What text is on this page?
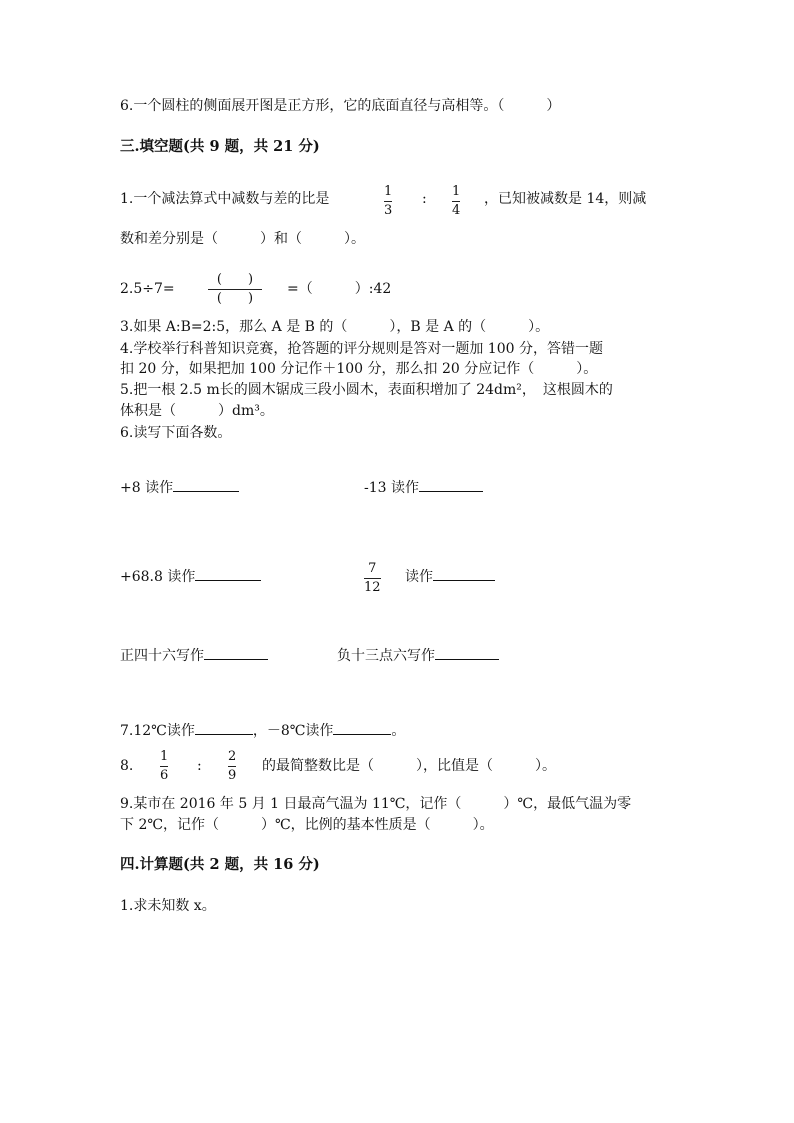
6.一个圆柱的侧面展开图是正方形，它的底面直径与高相等。（　　　）
三.填空题(共 9 题，共 21 分)
1.一个减法算式中减数与差的比是	1
3
: 1
4
，已知被减数是 14，则减
数和差分别是（　　　）和（　　　）。
2.5÷7=
(　　)
(　　)
=（　　　）:42
3.如果 A:B=2:5，那么 A 是 B 的（　　　），B 是 A 的（　　　）。
4.学校举行科普知识竞赛，抢答题的评分规则是答对一题加 100 分，答错一题
扣 20 分，如果把加 100 分记作＋100 分，那么扣 20 分应记作（　　　）。
5.把一根 2.5 m长的圆木锯成三段小圆木，表面积增加了 24dm²，　这根圆木的
体积是（　　　）dm³。
6.读写下面各数。
+8 读作	-13 读作
+68.8 读作
7
12
读作
正四十六写作	负十三点六写作
7.12℃读作	，－8℃读作	。
8.
1
6
:
2
9
的最简整数比是（　　　），比值是（　　　）。
9.某市在 2016 年 5 月 1 日最高气温为 11℃，记作（　　　）℃，最低气温为零
下 2℃，记作（　　　）℃，比例的基本性质是（　　　）。
四.计算题(共 2 题，共 16 分)
1.求未知数 x。
